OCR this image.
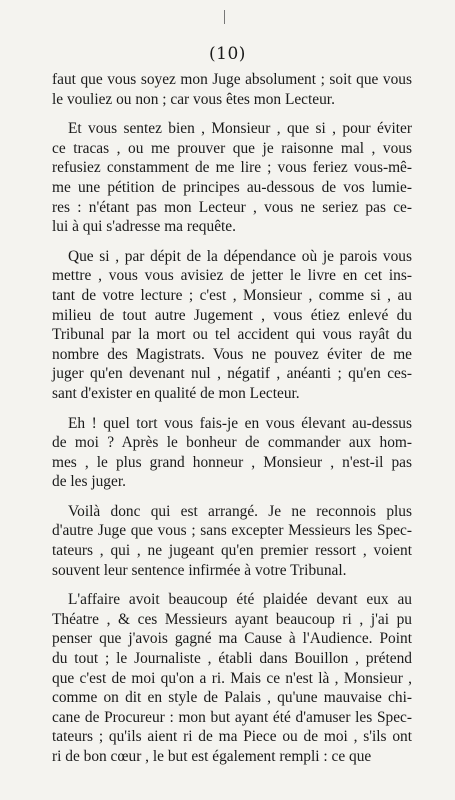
(10)

faut que vous soyez mon Juge absolument ; soit que vous
le vouliez ou non ; car vous êtes mon Lecteur.

Et vous sentez bien , Monsieur , que si , pour éviter
ce tracas , ou me prouver que je raisonne mal , vous
refusiez constamment de me lire ; vous feriez vous-mê-
me une pétition de principes au-dessous de vos lumie-
res : n'étant pas mon Lecteur , vous ne seriez pas ce-
lui à qui s'adresse ma requête.

Que si , par dépit de la dépendance où je parois vous
mettre , vous vous avisiez de jetter le livre en cet ins-
tant de votre lecture ; c'est , Monsieur , comme si , au
milieu de tout autre Jugement , vous étiez enlevé du
Tribunal par la mort ou tel accident qui vous rayât du
nombre des Magistrats. Vous ne pouvez éviter de me
juger qu'en devenant nul , négatif , anéanti ; qu'en ces-
sant d'exister en qualité de mon Lecteur.

Eh ! quel tort vous fais-je en vous élevant au-dessus
de moi ? Après le bonheur de commander aux hom-
mes , le plus grand honneur , Monsieur , n'est-il pas
de les juger.

Voilà donc qui est arrangé. Je ne reconnois plus
d'autre Juge que vous ; sans excepter Messieurs les Spec-
tateurs , qui , ne jugeant qu'en premier ressort , voient
souvent leur sentence infirmée à votre Tribunal.

L'affaire avoit beaucoup été plaidée devant eux au
Théatre , & ces Messieurs ayant beaucoup ri , j'ai pu
penser que j'avois gagné ma Cause à l'Audience. Point
du tout ; le Journaliste , établi dans Bouillon , prétend
que c'est de moi qu'on a ri. Mais ce n'est là , Monsieur ,
comme on dit en style de Palais , qu'une mauvaise chi-
cane de Procureur : mon but ayant été d'amuser les Spec-
tateurs ; qu'ils aient ri de ma Piece ou de moi , s'ils ont
ri de bon cœur , le but est également rempli : ce que
